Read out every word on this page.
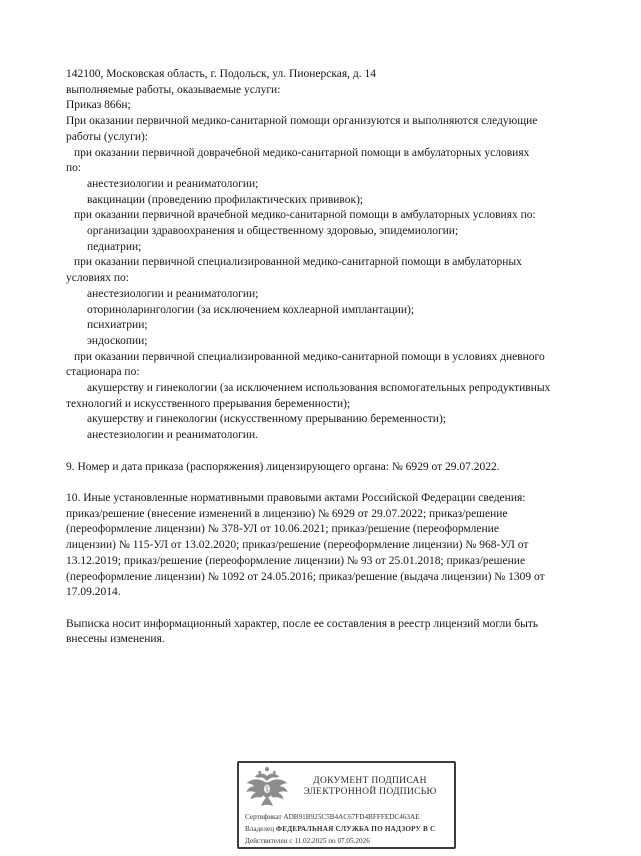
142100, Московская область, г. Подольск, ул. Пионерская, д. 14
выполняемые работы, оказываемые услуги:
Приказ 866н;
При оказании первичной медико-санитарной помощи организуются и выполняются следующие
работы (услуги):
при оказании первичной доврачебной медико-санитарной помощи в амбулаторных условиях
по:
анестезиологии и реаниматологии;
вакцинации (проведению профилактических прививок);
при оказании первичной врачебной медико-санитарной помощи в амбулаторных условиях по:
организации здравоохранения и общественному здоровью, эпидемиологии;
педиатрии;
при оказании первичной специализированной медико-санитарной помощи в амбулаторных
условиях по:
анестезиологии и реаниматологии;
оториноларингологии (за исключением кохлеарной имплантации);
психиатрии;
эндоскопии;
при оказании первичной специализированной медико-санитарной помощи в условиях дневного
стационара по:
акушерству и гинекологии (за исключением использования вспомогательных репродуктивных
технологий и искусственного прерывания беременности);
акушерству и гинекологии (искусственному прерыванию беременности);
анестезиологии и реаниматологии.

9. Номер и дата приказа (распоряжения) лицензирующего органа: № 6929 от 29.07.2022.

10. Иные установленные нормативными правовыми актами Российской Федерации сведения:
приказ/решение (внесение изменений в лицензию) № 6929 от 29.07.2022; приказ/решение
(переоформление лицензии) № 378-УЛ от 10.06.2021; приказ/решение (переоформление
лицензии) № 115-УЛ от 13.02.2020; приказ/решение (переоформление лицензии) № 968-УЛ от
13.12.2019; приказ/решение (переоформление лицензии) № 93 от 25.01.2018; приказ/решение
(переоформление лицензии) № 1092 от 24.05.2016; приказ/решение (выдача лицензии) № 1309 от
17.09.2014.

Выписка носит информационный характер, после ее составления в реестр лицензий могли быть
внесены изменения.
ДОКУМЕНТ ПОДПИСАН
ЭЛЕКТРОННОЙ ПОДПИСЬЮ
Сертификат ADB91B925C5B4AC67FD4BFFFEDC463AE
Владелец ФЕДЕРАЛЬНАЯ СЛУЖБА ПО НАДЗОРУ В С
Действителен с 11.02.2025 по 07.05.2026
